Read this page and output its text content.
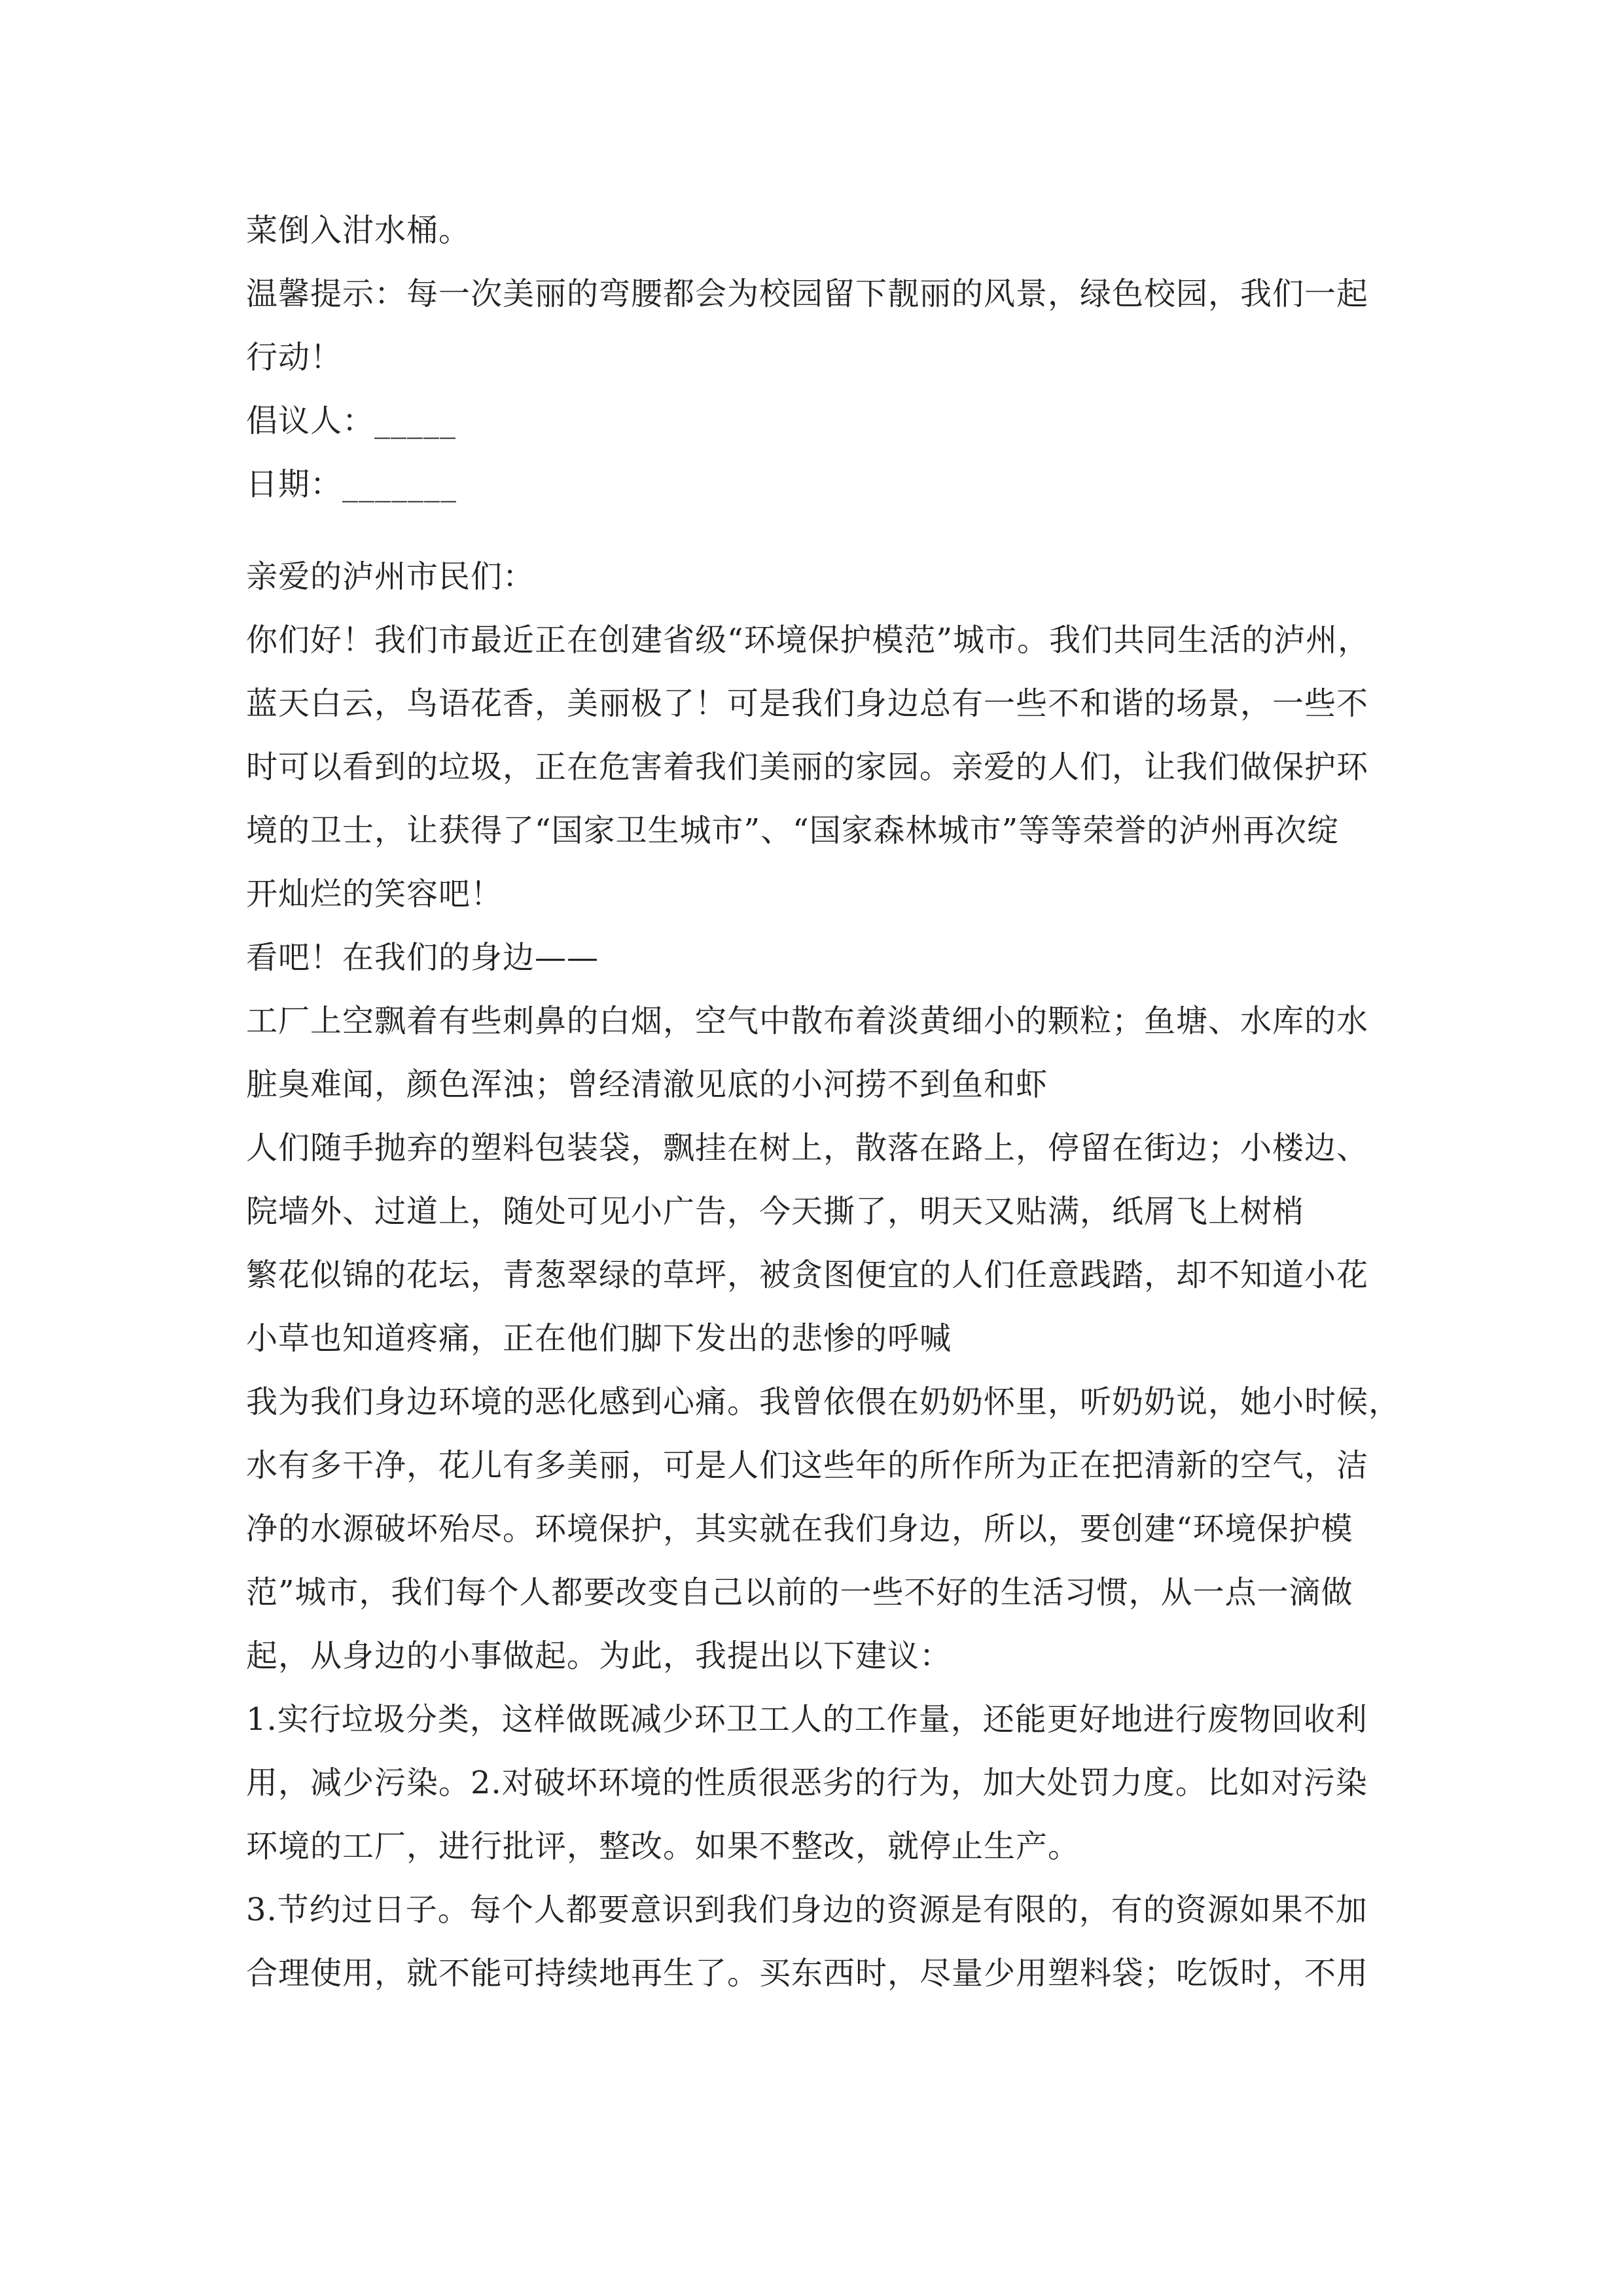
菜倒入泔水桶。
温馨提示：每一次美丽的弯腰都会为校园留下靓丽的风景，绿色校园，我们一起
行动！
倡议人：_____
日期：_______
亲爱的泸州市民们：
你们好！我们市最近正在创建省级“环境保护模范”城市。我们共同生活的泸州，
蓝天白云，鸟语花香，美丽极了！可是我们身边总有一些不和谐的场景，一些不
时可以看到的垃圾，正在危害着我们美丽的家园。亲爱的人们，让我们做保护环
境的卫士，让获得了“国家卫生城市”、“国家森林城市”等等荣誉的泸州再次绽
开灿烂的笑容吧！
看吧！在我们的身边——
工厂上空飘着有些刺鼻的白烟，空气中散布着淡黄细小的颗粒；鱼塘、水库的水
脏臭难闻，颜色浑浊；曾经清澈见底的小河捞不到鱼和虾
人们随手抛弃的塑料包装袋，飘挂在树上，散落在路上，停留在街边；小楼边、
院墙外、过道上，随处可见小广告，今天撕了，明天又贴满，纸屑飞上树梢
繁花似锦的花坛，青葱翠绿的草坪，被贪图便宜的人们任意践踏，却不知道小花
小草也知道疼痛，正在他们脚下发出的悲惨的呼喊
我为我们身边环境的恶化感到心痛。我曾依偎在奶奶怀里，听奶奶说，她小时候，
水有多干净，花儿有多美丽，可是人们这些年的所作所为正在把清新的空气，洁
净的水源破坏殆尽。环境保护，其实就在我们身边，所以，要创建“环境保护模
范”城市，我们每个人都要改变自己以前的一些不好的生活习惯，从一点一滴做
起，从身边的小事做起。为此，我提出以下建议：
1.实行垃圾分类，这样做既减少环卫工人的工作量，还能更好地进行废物回收利
用，减少污染。2.对破坏环境的性质很恶劣的行为，加大处罚力度。比如对污染
环境的工厂，进行批评，整改。如果不整改，就停止生产。
3.节约过日子。每个人都要意识到我们身边的资源是有限的，有的资源如果不加
合理使用，就不能可持续地再生了。买东西时，尽量少用塑料袋；吃饭时，不用
